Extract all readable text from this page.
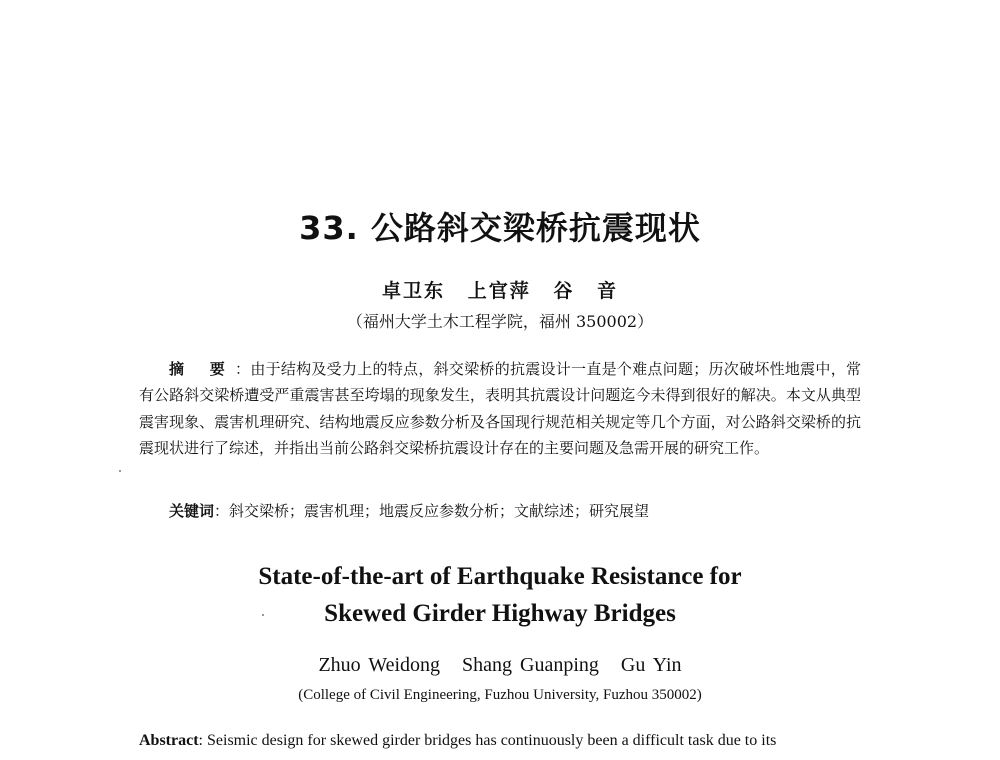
33. 公路斜交梁桥抗震现状
卓卫东 上官萍 谷 音
（福州大学土木工程学院，福州 350002）

摘 要：由于结构及受力上的特点，斜交梁桥的抗震设计一直是个难点问题；历次破坏性地震中，常有公路斜交梁桥遭受严重震害甚至垮塌的现象发生，表明其抗震设计问题迄今未得到很好的解决。本文从典型震害现象、震害机理研究、结构地震反应参数分析及各国现行规范相关规定等几个方面，对公路斜交梁桥的抗震现状进行了综述，并指出当前公路斜交梁桥抗震设计存在的主要问题及急需开展的研究工作。

关键词：斜交梁桥；震害机理；地震反应参数分析；文献综述；研究展望

State-of-the-art of Earthquake Resistance for
Skewed Girder Highway Bridges
Zhuo Weidong Shang Guanping Gu Yin
(College of Civil Engineering, Fuzhou University, Fuzhou 350002)

Abstract: Seismic design for skewed girder bridges has continuously been a difficult task due to its
